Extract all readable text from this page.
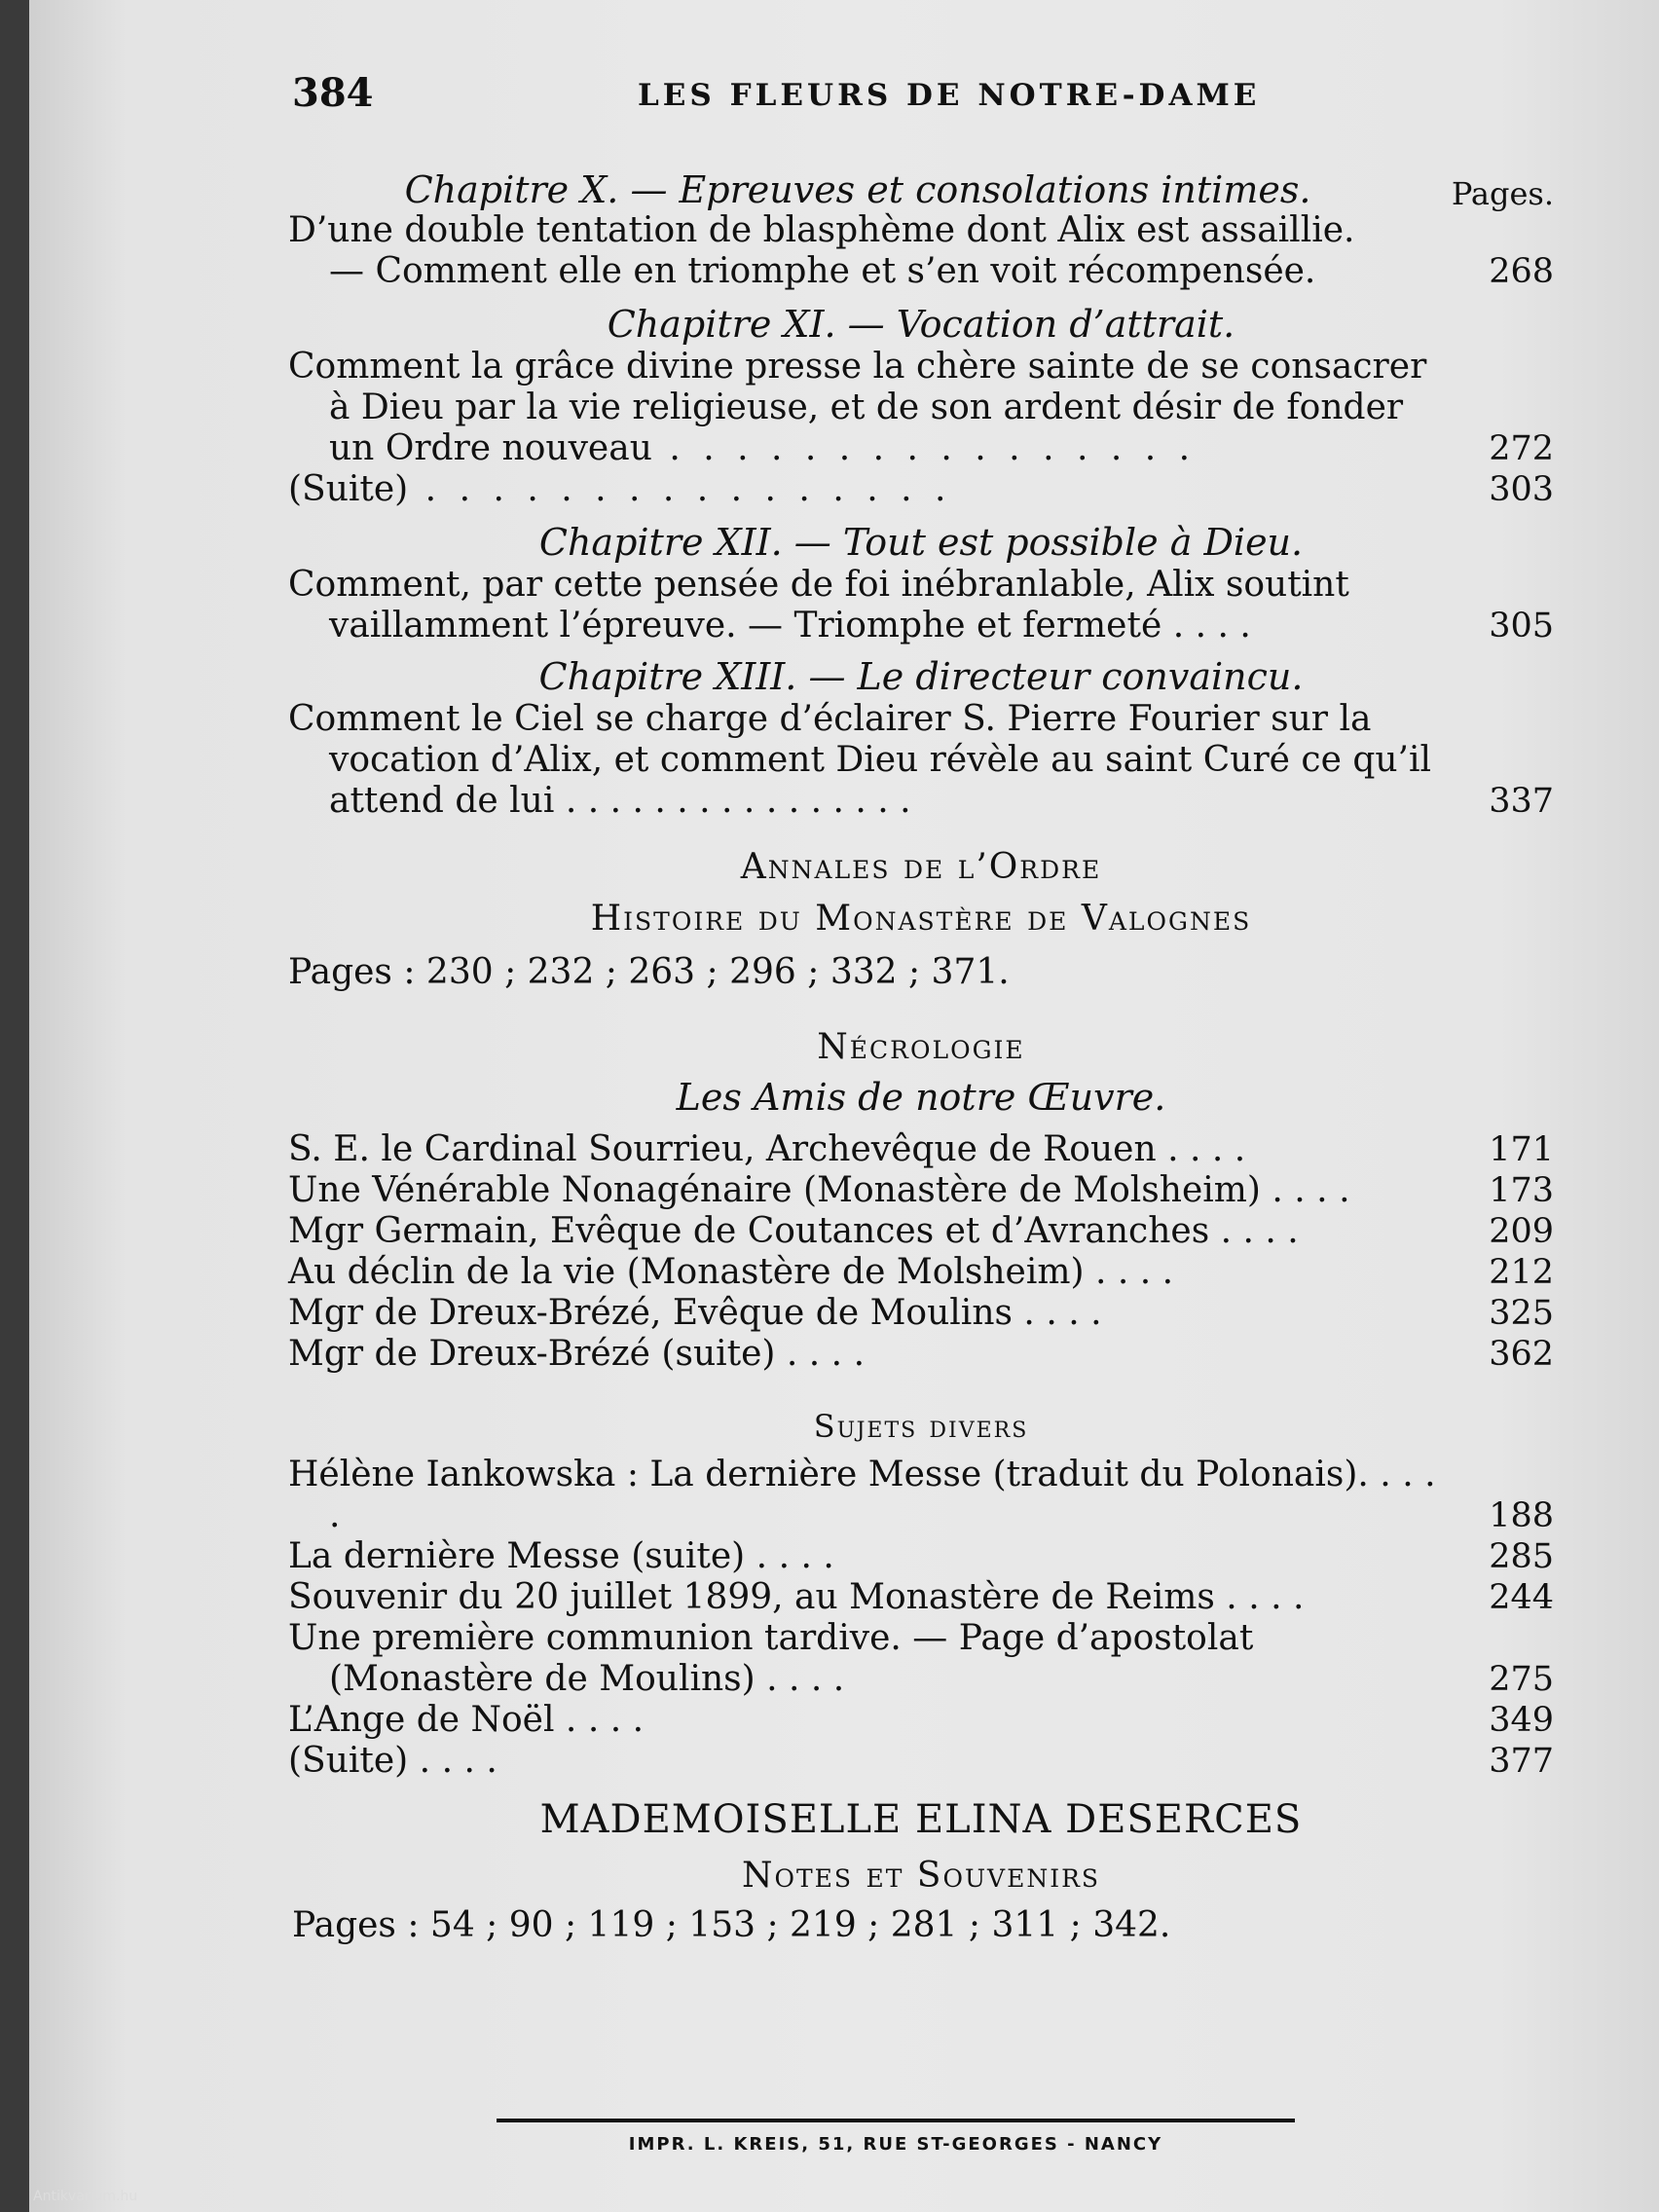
384	LES FLEURS DE NOTRE-DAME
Chapitre X. — Epreuves et consolations intimes.	Pages.
D’une double tentation de blasphème dont Alix est assaillie.
— Comment elle en triomphe et s’en voit récompensée.	268
Chapitre XI. — Vocation d’attrait.
Comment la grâce divine presse la chère sainte de se consacrer à Dieu par la vie religieuse, et de son ardent désir de fonder un Ordre nouveau . . .	272
(Suite) . . .	303
Chapitre XII. — Tout est possible à Dieu.
Comment, par cette pensée de foi inébranlable, Alix soutint vaillamment l’épreuve. — Triomphe et fermeté . . . .	305
Chapitre XIII. — Le directeur convaincu.
Comment le Ciel se charge d’éclairer S. Pierre Fourier sur la vocation d’Alix, et comment Dieu révèle au saint Curé ce qu’il attend de lui . . . . . . . . . . . . . . . .	337
Annales de l’Ordre
Histoire du Monastère de Valognes
Pages : 230 ; 232 ; 263 ; 296 ; 332 ; 371.
Nécrologie
Les Amis de notre Œuvre.
S. E. le Cardinal Sourrieu, Archevêque de Rouen . . . .	171
Une Vénérable Nonagénaire (Monastère de Molsheim) . . . .	173
Mgr Germain, Evêque de Coutances et d’Avranches . . . .	209
Au déclin de la vie (Monastère de Molsheim) . . . .	212
Mgr de Dreux-Brézé, Evêque de Moulins . . . .	325
Mgr de Dreux-Brézé (suite) . . . .	362
Sujets divers
Hélène Iankowska : La dernière Messe (traduit du Polonais). . . . .	188
La dernière Messe (suite) . . . .	285
Souvenir du 20 juillet 1899, au Monastère de Reims . . . .	244
Une première communion tardive. — Page d’apostolat (Monastère de Moulins) . . . .	275
L’Ange de Noël . . . .	349
(Suite) . . . .	377
MADEMOISELLE ELINA DESERCES
Notes et Souvenirs
Pages : 54 ; 90 ; 119 ; 153 ; 219 ; 281 ; 311 ; 342.
IMPR. L. KREIS, 51, RUE ST-GEORGES - NANCY
Antikvarium.hu
